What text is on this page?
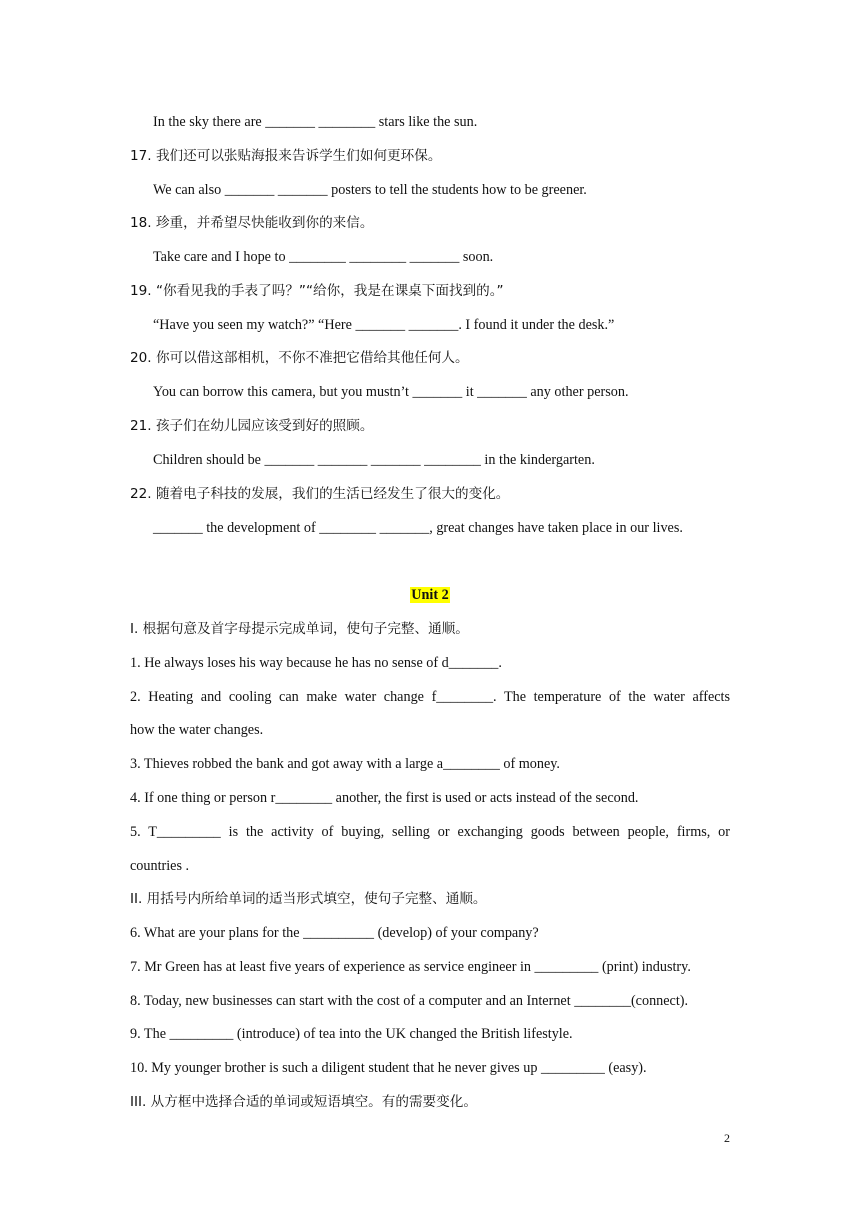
In the sky there are _______ ________ stars like the sun.
17. 我们还可以张贴海报来告诉学生们如何更环保。
We can also _______ _______ posters to tell the students how to be greener.
18. 珍重，并希望尽快能收到你的来信。
Take care and I hope to ________ ________ _______ soon.
19. “你看见我的手表了吗？”“给你，我是在课桌下面找到的。”
“Have you seen my watch?” “Here _______ _______. I found it under the desk.”
20. 你可以借这部相机，不你不准把它借给其他任何人。
You can borrow this camera, but you mustn’t _______ it _______ any other person.
21. 孩子们在幼儿园应该受到好的照顾。
Children should be _______ _______ _______ ________ in the kindergarten.
22. 随着电子科技的发展，我们的生活已经发生了很大的变化。
_______ the development of ________ _______, great changes have taken place in our lives.
Unit 2
I. 根据句意及首字母提示完成单词，使句子完整、通顺。
1. He always loses his way because he has no sense of d_______.
2. Heating and cooling can make water change f________. The temperature of the water affects
how the water changes.
3. Thieves robbed the bank and got away with a large a________ of money.
4. If one thing or person r________ another, the first is used or acts instead of the second.
5. T_________ is the activity of buying, selling or exchanging goods between people, firms, or
countries .
II. 用括号内所给单词的适当形式填空，使句子完整、通顺。
6. What are your plans for the __________ (develop) of your company?
7. Mr Green has at least five years of experience as service engineer in _________ (print) industry.
8. Today, new businesses can start with the cost of a computer and an Internet ________(connect).
9. The _________ (introduce) of tea into the UK changed the British lifestyle.
10. My younger brother is such a diligent student that he never gives up _________ (easy).
III. 从方框中选择合适的单词或短语填空。有的需要变化。
2
